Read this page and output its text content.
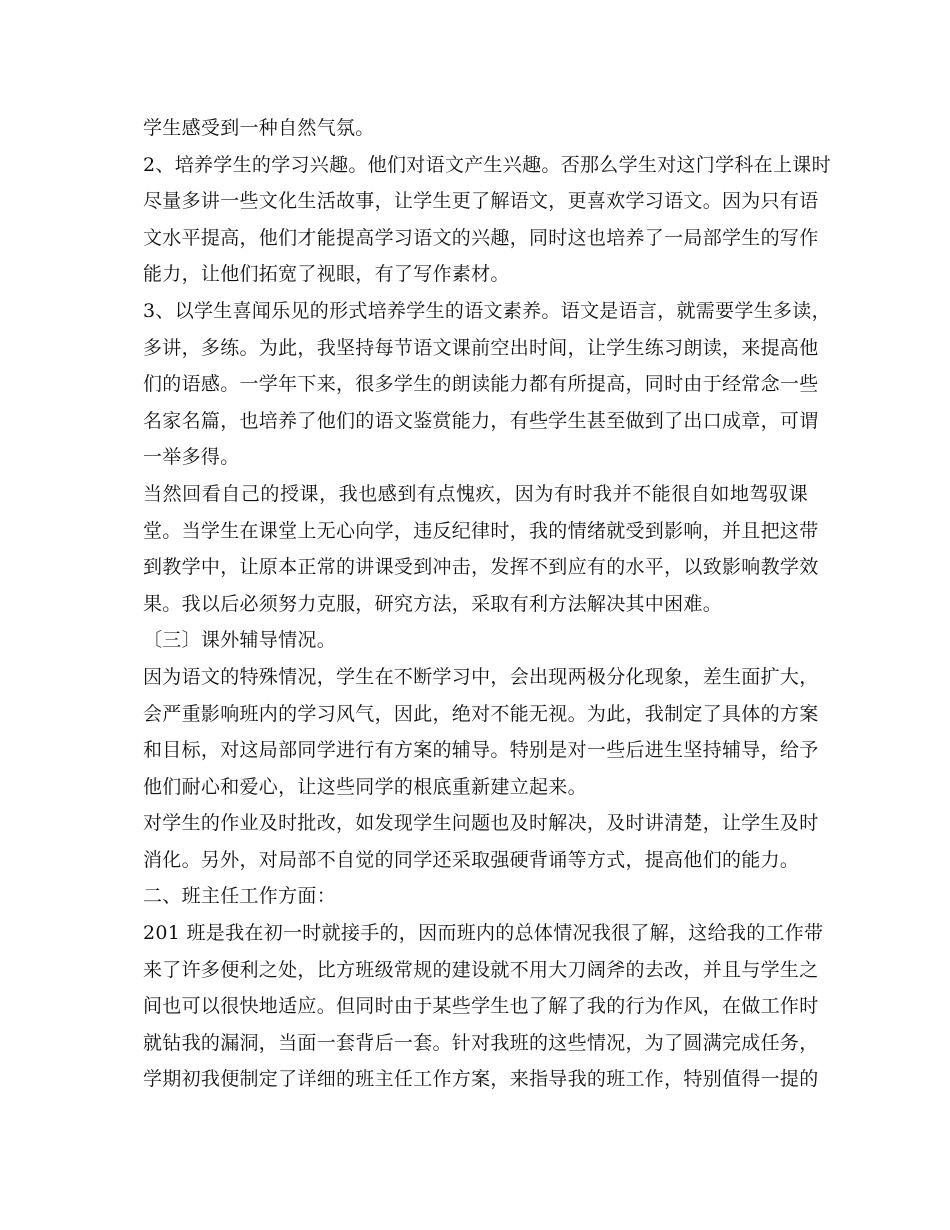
学生感受到一种自然气氛。
2、培养学生的学习兴趣。他们对语文产生兴趣。否那么学生对这门学科在上课时
尽量多讲一些文化生活故事，让学生更了解语文，更喜欢学习语文。因为只有语
文水平提高，他们才能提高学习语文的兴趣，同时这也培养了一局部学生的写作
能力，让他们拓宽了视眼，有了写作素材。
3、以学生喜闻乐见的形式培养学生的语文素养。语文是语言，就需要学生多读，
多讲，多练。为此，我坚持每节语文课前空出时间，让学生练习朗读，来提高他
们的语感。一学年下来，很多学生的朗读能力都有所提高，同时由于经常念一些
名家名篇，也培养了他们的语文鉴赏能力，有些学生甚至做到了出口成章，可谓
一举多得。
当然回看自己的授课，我也感到有点愧疚，因为有时我并不能很自如地驾驭课
堂。当学生在课堂上无心向学，违反纪律时，我的情绪就受到影响，并且把这带
到教学中，让原本正常的讲课受到冲击，发挥不到应有的水平，以致影响教学效
果。我以后必须努力克服，研究方法，采取有利方法解决其中困难。
〔三〕课外辅导情况。
因为语文的特殊情况，学生在不断学习中，会出现两极分化现象，差生面扩大，
会严重影响班内的学习风气，因此，绝对不能无视。为此，我制定了具体的方案
和目标，对这局部同学进行有方案的辅导。特别是对一些后进生坚持辅导，给予
他们耐心和爱心，让这些同学的根底重新建立起来。
对学生的作业及时批改，如发现学生问题也及时解决，及时讲清楚，让学生及时
消化。另外，对局部不自觉的同学还采取强硬背诵等方式，提高他们的能力。
二、班主任工作方面：
201 班是我在初一时就接手的，因而班内的总体情况我很了解，这给我的工作带
来了许多便利之处，比方班级常规的建设就不用大刀阔斧的去改，并且与学生之
间也可以很快地适应。但同时由于某些学生也了解了我的行为作风，在做工作时
就钻我的漏洞，当面一套背后一套。针对我班的这些情况，为了圆满完成任务，
学期初我便制定了详细的班主任工作方案，来指导我的班工作，特别值得一提的
